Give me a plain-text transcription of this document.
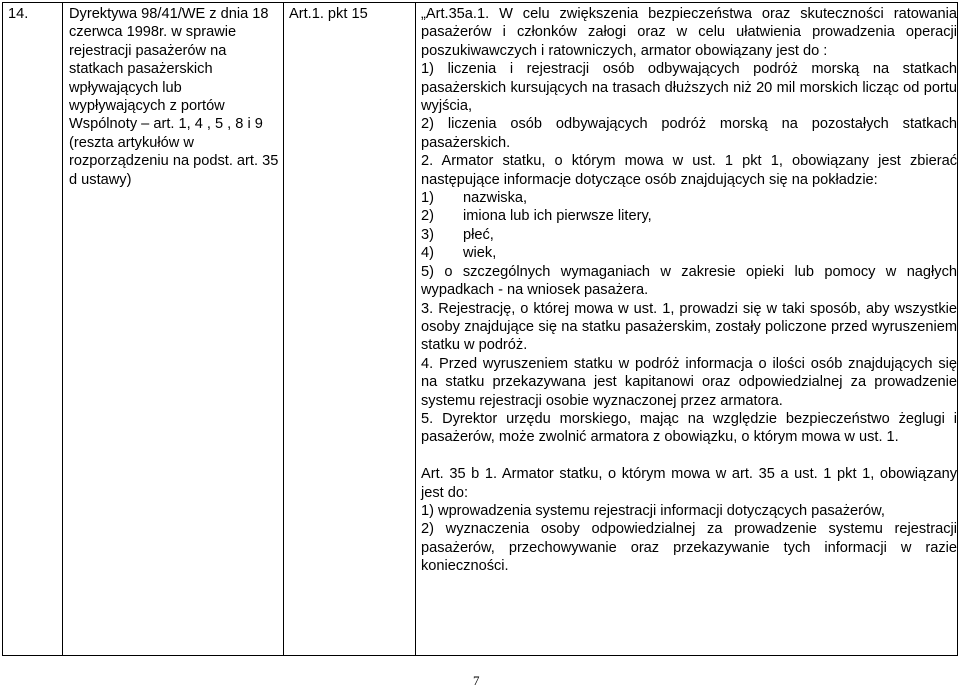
14.	Dyrektywa 98/41/WE z dnia 18 czerwca 1998r. w sprawie rejestracji pasażerów na statkach pasażerskich wpływających lub wypływających z portów Wspólnoty – art. 1, 4 , 5 , 8 i 9 (reszta artykułów w rozporządzeniu na podst. art. 35 d ustawy)
Art.1. pkt 15	„Art.35a.1. W celu zwiększenia bezpieczeństwa oraz skuteczności ratowania pasażerów i członków załogi oraz w celu ułatwienia prowadzenia operacji poszukiwawczych i ratowniczych, armator obowiązany jest do :

1) liczenia i rejestracji osób odbywających podróż morską na statkach pasażerskich kursujących na trasach dłuższych niż 20 mil morskich licząc od portu wyjścia,

2) liczenia osób odbywających podróż morską na pozostałych statkach pasażerskich.

2. Armator statku, o którym mowa w ust. 1 pkt 1, obowiązany jest zbierać następujące informacje dotyczące osób znajdujących się na pokładzie:

1) nazwiska,
2) imiona lub ich pierwsze litery,
3) płeć,
4) wiek,

5) o szczególnych wymaganiach w zakresie opieki lub pomocy w nagłych wypadkach - na wniosek pasażera.

3. Rejestrację, o której mowa w ust. 1, prowadzi się w taki sposób, aby wszystkie osoby znajdujące się na statku pasażerskim, zostały policzone przed wyruszeniem statku w podróż.

4. Przed wyruszeniem statku w podróż informacja o ilości osób znajdujących się na statku przekazywana jest kapitanowi oraz odpowiedzialnej za prowadzenie systemu rejestracji osobie wyznaczonej przez armatora.

5. Dyrektor urzędu morskiego, mając na względzie bezpieczeństwo żeglugi i pasażerów, może zwolnić armatora z obowiązku, o którym mowa w ust. 1.

Art. 35 b 1. Armator statku, o którym mowa w art. 35 a ust. 1 pkt 1, obowiązany jest do:

1) wprowadzenia systemu rejestracji informacji dotyczących pasażerów,

2) wyznaczenia osoby odpowiedzialnej za prowadzenie systemu rejestracji pasażerów, przechowywanie oraz przekazywanie tych informacji w razie konieczności.

7
